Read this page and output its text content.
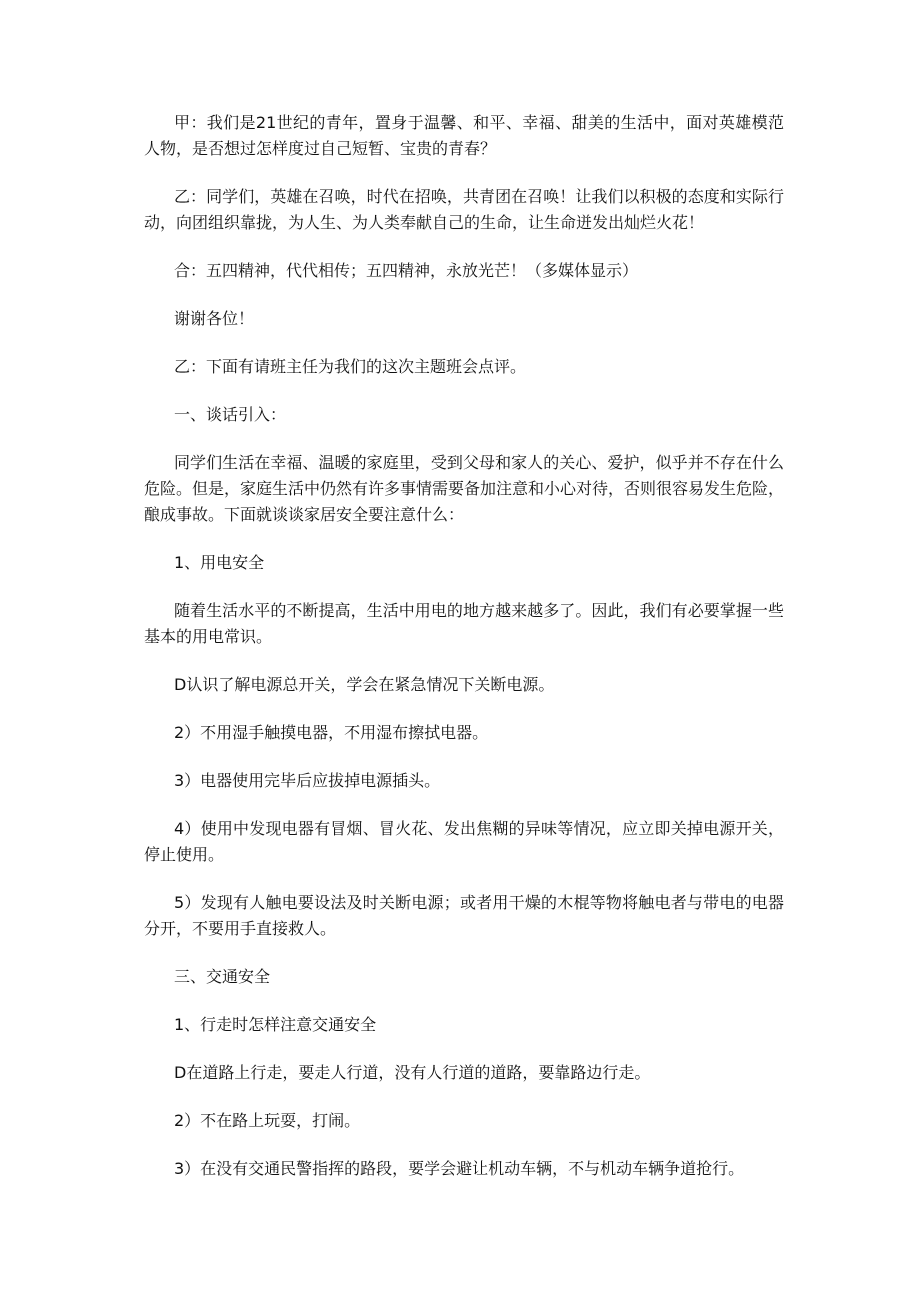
甲：我们是21世纪的青年，置身于温馨、和平、幸福、甜美的生活中，面对英雄模范人物，是否想过怎样度过自己短暂、宝贵的青春？

乙：同学们，英雄在召唤，时代在招唤，共青团在召唤！让我们以积极的态度和实际行动，向团组织靠拢，为人生、为人类奉献自己的生命，让生命迸发出灿烂火花！

合：五四精神，代代相传；五四精神，永放光芒！（多媒体显示）

谢谢各位！

乙：下面有请班主任为我们的这次主题班会点评。

一、谈话引入：

同学们生活在幸福、温暖的家庭里，受到父母和家人的关心、爱护，似乎并不存在什么危险。但是，家庭生活中仍然有许多事情需要备加注意和小心对待，否则很容易发生危险，酿成事故。下面就谈谈家居安全要注意什么：

1、用电安全

随着生活水平的不断提高，生活中用电的地方越来越多了。因此，我们有必要掌握一些基本的用电常识。

D认识了解电源总开关，学会在紧急情况下关断电源。

2）不用湿手触摸电器，不用湿布擦拭电器。

3）电器使用完毕后应拔掉电源插头。

4）使用中发现电器有冒烟、冒火花、发出焦糊的异味等情况，应立即关掉电源开关，停止使用。

5）发现有人触电要设法及时关断电源；或者用干燥的木棍等物将触电者与带电的电器分开，不要用手直接救人。

三、交通安全

1、行走时怎样注意交通安全

D在道路上行走，要走人行道，没有人行道的道路，要靠路边行走。

2）不在路上玩耍，打闹。

3）在没有交通民警指挥的路段，要学会避让机动车辆，不与机动车辆争道抢行。
